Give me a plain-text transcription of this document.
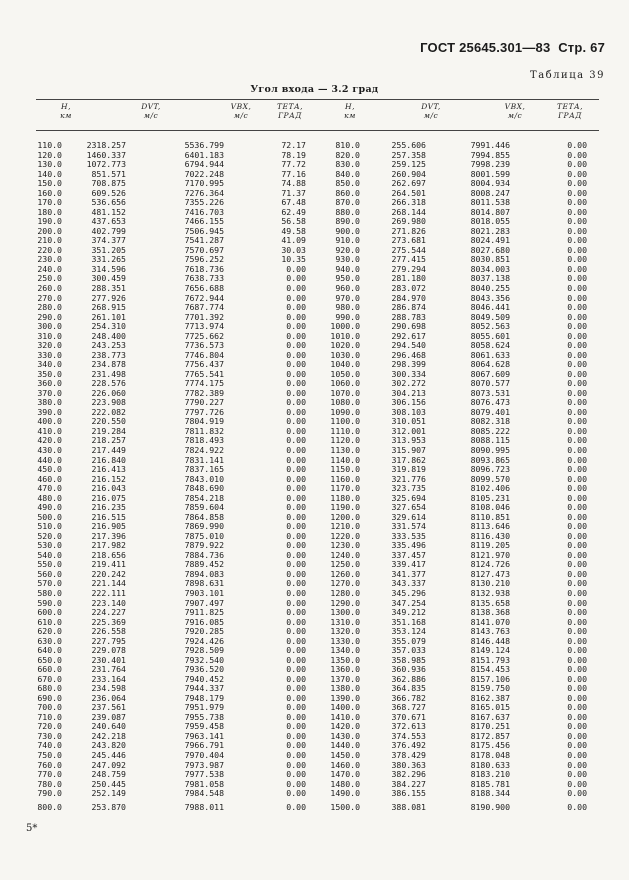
ГОСТ 25645.301—83 Стр. 67
Таблица 39
Угол входа — 3.2 град
Н,
км
DVT,
м/с
VBX,
м/с
ТЕТА,
ГРАД
Н,
км
DVT,
м/с
VBX,
м/с
ТЕТА,
ГРАД
110.0	2318.257	5536.799	72.17	810.0	255.606	7991.446	0.00
120.0	1460.337	6401.183	78.19	820.0	257.358	7994.855	0.00
130.0	1072.773	6794.944	77.72	830.0	259.125	7998.239	0.00
140.0	851.571	7022.248	77.16	840.0	260.904	8001.599	0.00
150.0	708.875	7170.995	74.88	850.0	262.697	8004.934	0.00
160.0	609.526	7276.364	71.37	860.0	264.501	8008.247	0.00
170.0	536.656	7355.226	67.48	870.0	266.318	8011.538	0.00
180.0	481.152	7416.703	62.49	880.0	268.144	8014.807	0.00
190.0	437.653	7466.155	56.58	890.0	269.980	8018.055	0.00
200.0	402.799	7506.945	49.58	900.0	271.826	8021.283	0.00
210.0	374.377	7541.287	41.09	910.0	273.681	8024.491	0.00
220.0	351.205	7570.697	30.03	920.0	275.544	8027.680	0.00
230.0	331.265	7596.252	10.35	930.0	277.415	8030.851	0.00
240.0	314.596	7618.736	0.00	940.0	279.294	8034.003	0.00
250.0	300.459	7638.733	0.00	950.0	281.180	8037.138	0.00
260.0	288.351	7656.688	0.00	960.0	283.072	8040.255	0.00
270.0	277.926	7672.944	0.00	970.0	284.970	8043.356	0.00
280.0	268.915	7687.774	0.00	980.0	286.874	8046.441	0.00
290.0	261.101	7701.392	0.00	990.0	288.783	8049.509	0.00
300.0	254.310	7713.974	0.00	1000.0	290.698	8052.563	0.00
310.0	248.400	7725.662	0.00	1010.0	292.617	8055.601	0.00
320.0	243.253	7736.573	0.00	1020.0	294.540	8058.624	0.00
330.0	238.773	7746.804	0.00	1030.0	296.468	8061.633	0.00
340.0	234.878	7756.437	0.00	1040.0	298.399	8064.628	0.00
350.0	231.498	7765.541	0.00	1050.0	300.334	8067.609	0.00
360.0	228.576	7774.175	0.00	1060.0	302.272	8070.577	0.00
370.0	226.060	7782.389	0.00	1070.0	304.213	8073.531	0.00
380.0	223.908	7790.227	0.00	1080.0	306.156	8076.473	0.00
390.0	222.082	7797.726	0.00	1090.0	308.103	8079.401	0.00
400.0	220.550	7804.919	0.00	1100.0	310.051	8082.318	0.00
410.0	219.284	7811.832	0.00	1110.0	312.001	8085.222	0.00
420.0	218.257	7818.493	0.00	1120.0	313.953	8088.115	0.00
430.0	217.449	7824.922	0.00	1130.0	315.907	8090.995	0.00
440.0	216.840	7831.141	0.00	1140.0	317.862	8093.865	0.00
450.0	216.413	7837.165	0.00	1150.0	319.819	8096.723	0.00
460.0	216.152	7843.010	0.00	1160.0	321.776	8099.570	0.00
470.0	216.043	7848.690	0.00	1170.0	323.735	8102.406	0.00
480.0	216.075	7854.218	0.00	1180.0	325.694	8105.231	0.00
490.0	216.235	7859.604	0.00	1190.0	327.654	8108.046	0.00
500.0	216.515	7864.858	0.00	1200.0	329.614	8110.851	0.00
510.0	216.905	7869.990	0.00	1210.0	331.574	8113.646	0.00
520.0	217.396	7875.010	0.00	1220.0	333.535	8116.430	0.00
530.0	217.982	7879.922	0.00	1230.0	335.496	8119.205	0.00
540.0	218.656	7884.736	0.00	1240.0	337.457	8121.970	0.00
550.0	219.411	7889.452	0.00	1250.0	339.417	8124.726	0.00
560.0	220.242	7894.083	0.00	1260.0	341.377	8127.473	0.00
570.0	221.144	7898.631	0.00	1270.0	343.337	8130.210	0.00
580.0	222.111	7903.101	0.00	1280.0	345.296	8132.938	0.00
590.0	223.140	7907.497	0.00	1290.0	347.254	8135.658	0.00
600.0	224.227	7911.825	0.00	1300.0	349.212	8138.368	0.00
610.0	225.369	7916.085	0.00	1310.0	351.168	8141.070	0.00
620.0	226.558	7920.285	0.00	1320.0	353.124	8143.763	0.00
630.0	227.795	7924.426	0.00	1330.0	355.079	8146.448	0.00
640.0	229.078	7928.509	0.00	1340.0	357.033	8149.124	0.00
650.0	230.401	7932.540	0.00	1350.0	358.985	8151.793	0.00
660.0	231.764	7936.520	0.00	1360.0	360.936	8154.453	0.00
670.0	233.164	7940.452	0.00	1370.0	362.886	8157.106	0.00
680.0	234.598	7944.337	0.00	1380.0	364.835	8159.750	0.00
690.0	236.064	7948.179	0.00	1390.0	366.782	8162.387	0.00
700.0	237.561	7951.979	0.00	1400.0	368.727	8165.015	0.00
710.0	239.087	7955.738	0.00	1410.0	370.671	8167.637	0.00
720.0	240.640	7959.458	0.00	1420.0	372.613	8170.251	0.00
730.0	242.218	7963.141	0.00	1430.0	374.553	8172.857	0.00
740.0	243.820	7966.791	0.00	1440.0	376.492	8175.456	0.00
750.0	245.446	7970.404	0.00	1450.0	378.429	8178.048	0.00
760.0	247.092	7973.987	0.00	1460.0	380.363	8180.633	0.00
770.0	248.759	7977.538	0.00	1470.0	382.296	8183.210	0.00
780.0	250.445	7981.058	0.00	1480.0	384.227	8185.781	0.00
790.0	252.149	7984.548	0.00	1490.0	386.155	8188.344	0.00
800.0	253.870	7988.011	0.00	1500.0	388.081	8190.900	0.00
5*
